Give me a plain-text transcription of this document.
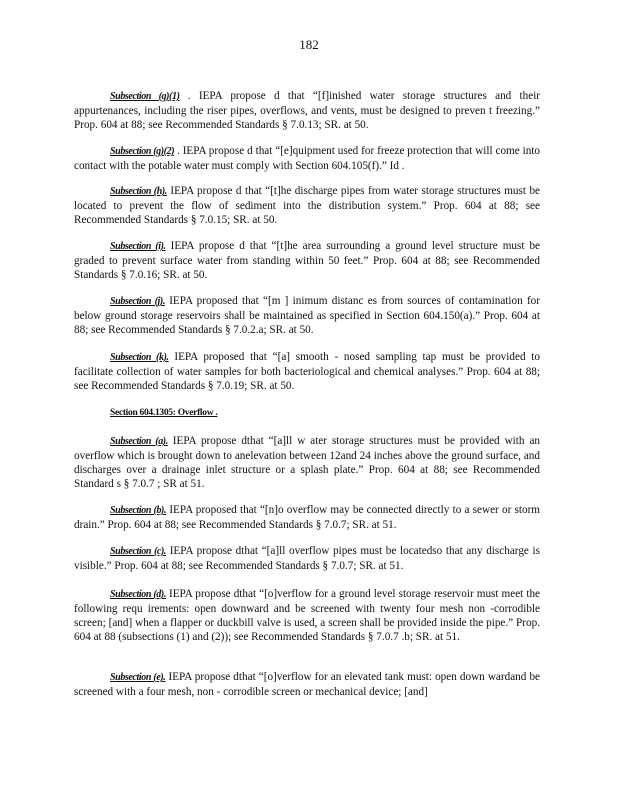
182

Subsection (g)(1) . IEPA propose d that “[f]inished water storage structures and their appurtenances, including the riser pipes, overflows, and vents, must be designed to preven t freezing.” Prop. 604 at 88; see Recommended Standards § 7.0.13; SR. at 50.

Subsection (g)(2) . IEPA propose d that “[e]quipment used for freeze protection that will come into contact with the potable water must comply with Section 604.105(f).” Id .

Subsection (h). IEPA propose d that “[t]he discharge pipes from water storage structures must be located to prevent the flow of sediment into the distribution system.” Prop. 604 at 88; see Recommended Standards § 7.0.15; SR. at 50.

Subsection (i). IEPA propose d that “[t]he area surrounding a ground level structure must be graded to prevent surface water from standing within 50 feet.” Prop. 604 at 88; see Recommended Standards § 7.0.16; SR. at 50.

Subsection (j). IEPA proposed that “[m ] inimum distanc es from sources of contamination for below ground storage reservoirs shall be maintained as specified in Section 604.150(a).” Prop. 604 at 88; see Recommended Standards § 7.0.2.a; SR. at 50.

Subsection (k). IEPA proposed that “[a] smooth - nosed sampling tap must be provided to facilitate collection of water samples for both bacteriological and chemical analyses.” Prop. 604 at 88; see Recommended Standards § 7.0.19; SR. at 50.

Section 604.1305: Overflow .

Subsection (a). IEPA propose dthat “[a]ll w ater storage structures must be provided with an overflow which is brought down to anelevation between 12and 24 inches above the ground surface, and discharges over a drainage inlet structure or a splash plate.” Prop. 604 at 88; see Recommended Standard s § 7.0.7 ; SR at 51.

Subsection (b). IEPA proposed that “[n]o overflow may be connected directly to a sewer or storm drain.” Prop. 604 at 88; see Recommended Standards § 7.0.7; SR. at 51.

Subsection (c). IEPA propose dthat “[a]ll overflow pipes must be locatedso that any discharge is visible.” Prop. 604 at 88; see Recommended Standards § 7.0.7; SR. at 51.

Subsection (d). IEPA propose dthat “[o]verflow for a ground level storage reservoir must meet the following requ irements: open downward and be screened with twenty four mesh non -corrodible screen; [and] when a flapper or duckbill valve is used, a screen shall be provided inside the pipe.” Prop. 604 at 88 (subsections (1) and (2)); see Recommended Standards § 7.0.7 .b; SR. at 51.

Subsection (e). IEPA propose dthat “[o]verflow for an elevated tank must: open down wardand be screened with a four mesh, non - corrodible screen or mechanical device; [and]
